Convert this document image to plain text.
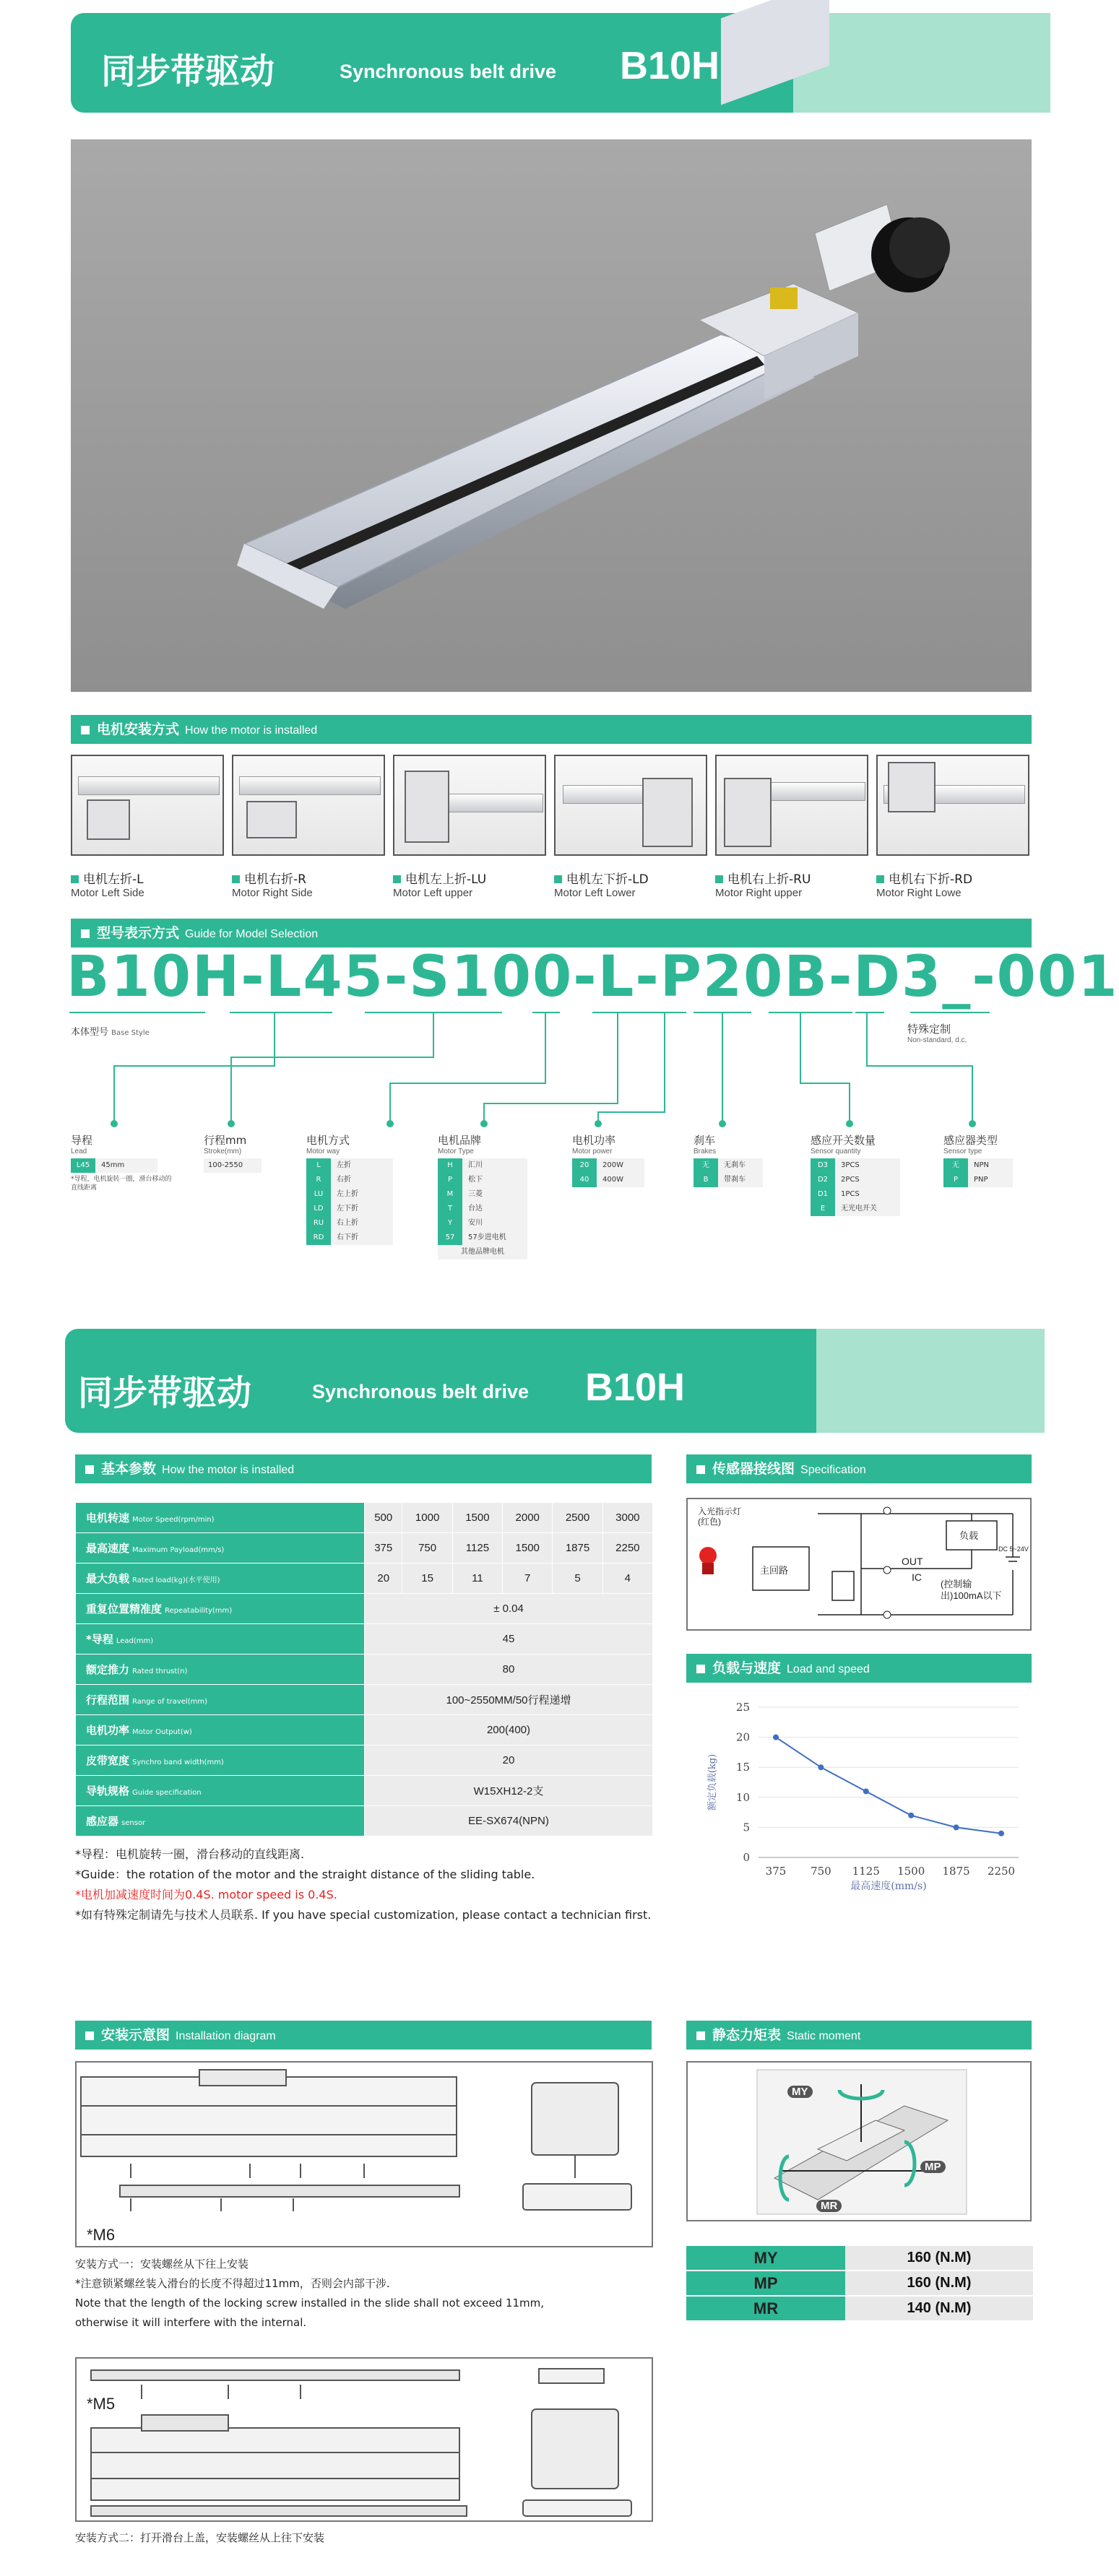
同步带驱动	Synchronous belt drive B10H
电机安装方式 How the motor is installed
电机左折-L
Motor Left Side
电机右折-R
Motor Right Side
电机左上折-LU
Motor Left upper
电机左下折-LD
Motor Left Lower
电机右上折-RU
Motor Right upper
电机右下折-RD
Motor Right Lowe
型号表示方式 Guide for Model Selection
B10H-L45-S100-L-P20B-D3_-001
本体型号 Base Style	特殊定制
Non-standard, d.c,
导程
Lead
L45	45mm
*导程，电机旋转一圈，滑台移动的直线距离
行程mm
Stroke(mm)
100-2550
电机方式
Motor way
L	左折
R	右折
LU	左上折
LD	左下折
RU	右上折
RD	右下折
电机品牌
Motor Type
H	汇川
P	松下
M	三菱
T	台达
Y	安川
57	57步进电机
其他品牌电机
电机功率
Motor power
20	200W
40	400W
刹车
Brakes
无	无刹车
B	带刹车
感应开关数量
Sensor quantity
D3	3PCS
D2	2PCS
D1	1PCS
E	无光电开关
感应器类型
Sensor type
无	NPN
P	PNP
同步带驱动	Synchronous belt drive B10H
基本参数 How the motor is installed
电机转速 Motor Speed(rpm/min)	500	1000	1500	2000	2500	3000
最高速度 Maximum Payload(mm/s)	375	750	1125	1500	1875	2250
最大负载 Rated load(kg)(水平使用)	20	15	11	7	5	4
重复位置精准度 Repeatability(mm)	± 0.04					
*导程 Lead(mm)	45					
额定推力 Rated thrust(n)	80					
行程范围 Range of travel(mm)	100~2550MM/50行程递增					
电机功率 Motor Output(w)	200(400)					
皮带宽度 Synchro band width(mm)	20					
导轨规格 Guide specification	W15XH12-2支					
感应器 sensor	EE-SX674(NPN)					
*导程：电机旋转一圈，滑台移动的直线距离.
*Guide：the rotation of the motor and the straight distance of the sliding table.
*电机加减速度时间为0.4S. motor speed is 0.4S.
*如有特殊定制请先与技术人员联系. If you have special customization, please contact a technician first.
传感器接线图 Specification
入光指示灯(红色)
主回路
负载
OUT
IC
(控制输出)100mA以下
DC 5~24V
负载与速度 Load and speed
0
5
10
15
20
25
375 750 1125 1500 1875 2250
最高速度(mm/s)
额定负载(kg)
安装示意图 Installation diagram
*M6
安装方式一：安装螺丝从下往上安装
*注意锁紧螺丝装入滑台的长度不得超过11mm，否则会内部干涉.
Note that the length of the locking screw installed in the slide shall not exceed 11mm,
otherwise it will interfere with the internal.
*M5
安装方式二：打开滑台上盖，安装螺丝从上往下安装
静态力矩表 Static moment
MY
MP
MR
MY	160 (N.M)
MP	160 (N.M)
MR	140 (N.M)
